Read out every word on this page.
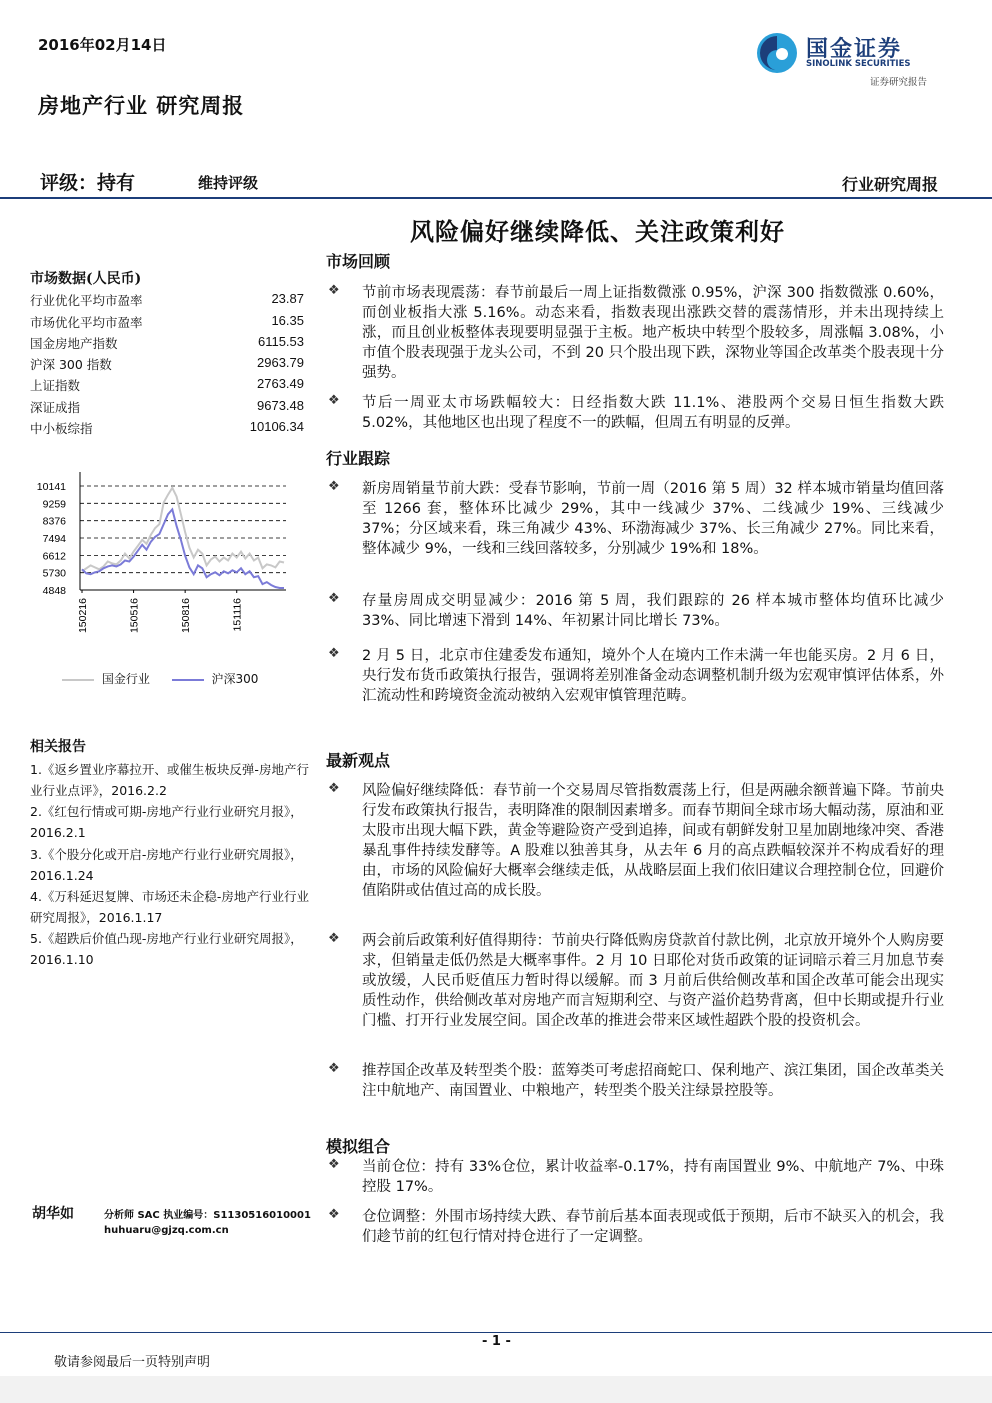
2016年02月14日	国金证券
SINOLINK SECURITIES
证券研究报告
房地产行业 研究周报
评级：持有	维持评级	行业研究周报
风险偏好继续降低、关注政策利好
市场数据(人民币)
行业优化平均市盈率	23.87
市场优化平均市盈率	16.35
国金房地产指数	6115.53
沪深 300 指数	2963.79
上证指数	2763.49
深证成指	9673.48
中小板综指	10106.34
10141
9259
8376
7494
6612
5730
4848
150216	150516	150816	151116
国金行业	沪深300
相关报告
1.《返乡置业序幕拉开、或催生板块反弹-房地产行业行业点评》，2016.2.2
2.《红包行情或可期-房地产行业行业研究月报》，2016.2.1
3.《个股分化或开启-房地产行业行业研究周报》，2016.1.24
4.《万科延迟复牌、市场还未企稳-房地产行业行业研究周报》，2016.1.17
5.《超跌后价值凸现-房地产行业行业研究周报》，2016.1.10
胡华如	分析师 SAC 执业编号：S1130516010001
huhuaru@gjzq.com.cn
市场回顾
❖ 节前市场表现震荡：春节前最后一周上证指数微涨 0.95%，沪深 300 指数微涨 0.60%，而创业板指大涨 5.16%。动态来看，指数表现出涨跌交替的震荡情形，并未出现持续上涨，而且创业板整体表现要明显强于主板。地产板块中转型个股较多，周涨幅 3.08%，小市值个股表现强于龙头公司，不到 20 只个股出现下跌，深物业等国企改革类个股表现十分强势。
❖ 节后一周亚太市场跌幅较大：日经指数大跌 11.1%、港股两个交易日恒生指数大跌 5.02%，其他地区也出现了程度不一的跌幅，但周五有明显的反弹。
行业跟踪
❖ 新房周销量节前大跌：受春节影响，节前一周（2016 第 5 周）32 样本城市销量均值回落至 1266 套，整体环比减少 29%，其中一线减少 37%、二线减少 19%、三线减少 37%；分区域来看，珠三角减少 43%、环渤海减少 37%、长三角减少 27%。同比来看，整体减少 9%，一线和三线回落较多，分别减少 19%和 18%。
❖ 存量房周成交明显减少：2016 第 5 周，我们跟踪的 26 样本城市整体均值环比减少 33%、同比增速下滑到 14%、年初累计同比增长 73%。
❖ 2 月 5 日，北京市住建委发布通知，境外个人在境内工作未满一年也能买房。2 月 6 日，央行发布货币政策执行报告，强调将差别准备金动态调整机制升级为宏观审慎评估体系，外汇流动性和跨境资金流动被纳入宏观审慎管理范畴。
最新观点
❖ 风险偏好继续降低：春节前一个交易周尽管指数震荡上行，但是两融余额普遍下降。节前央行发布政策执行报告，表明降准的限制因素增多。而春节期间全球市场大幅动荡，原油和亚太股市出现大幅下跌，黄金等避险资产受到追捧，间或有朝鲜发射卫星加剧地缘冲突、香港暴乱事件持续发酵等。A 股难以独善其身，从去年 6 月的高点跌幅较深并不构成看好的理由，市场的风险偏好大概率会继续走低，从战略层面上我们依旧建议合理控制仓位，回避价值陷阱或估值过高的成长股。
❖ 两会前后政策利好值得期待：节前央行降低购房贷款首付款比例，北京放开境外个人购房要求，但销量走低仍然是大概率事件。2 月 10 日耶伦对货币政策的证词暗示着三月加息节奏或放缓，人民币贬值压力暂时得以缓解。而 3 月前后供给侧改革和国企改革可能会出现实质性动作，供给侧改革对房地产而言短期利空、与资产溢价趋势背离，但中长期或提升行业门槛、打开行业发展空间。国企改革的推进会带来区域性超跌个股的投资机会。
❖ 推荐国企改革及转型类个股：蓝筹类可考虑招商蛇口、保利地产、滨江集团，国企改革类关注中航地产、南国置业、中粮地产，转型类个股关注绿景控股等。
模拟组合
❖ 当前仓位：持有 33%仓位，累计收益率-0.17%，持有南国置业 9%、中航地产 7%、中珠控股 17%。
❖ 仓位调整：外围市场持续大跌、春节前后基本面表现或低于预期，后市不缺买入的机会，我们趁节前的红包行情对持仓进行了一定调整。
- 1 -
敬请参阅最后一页特别声明
